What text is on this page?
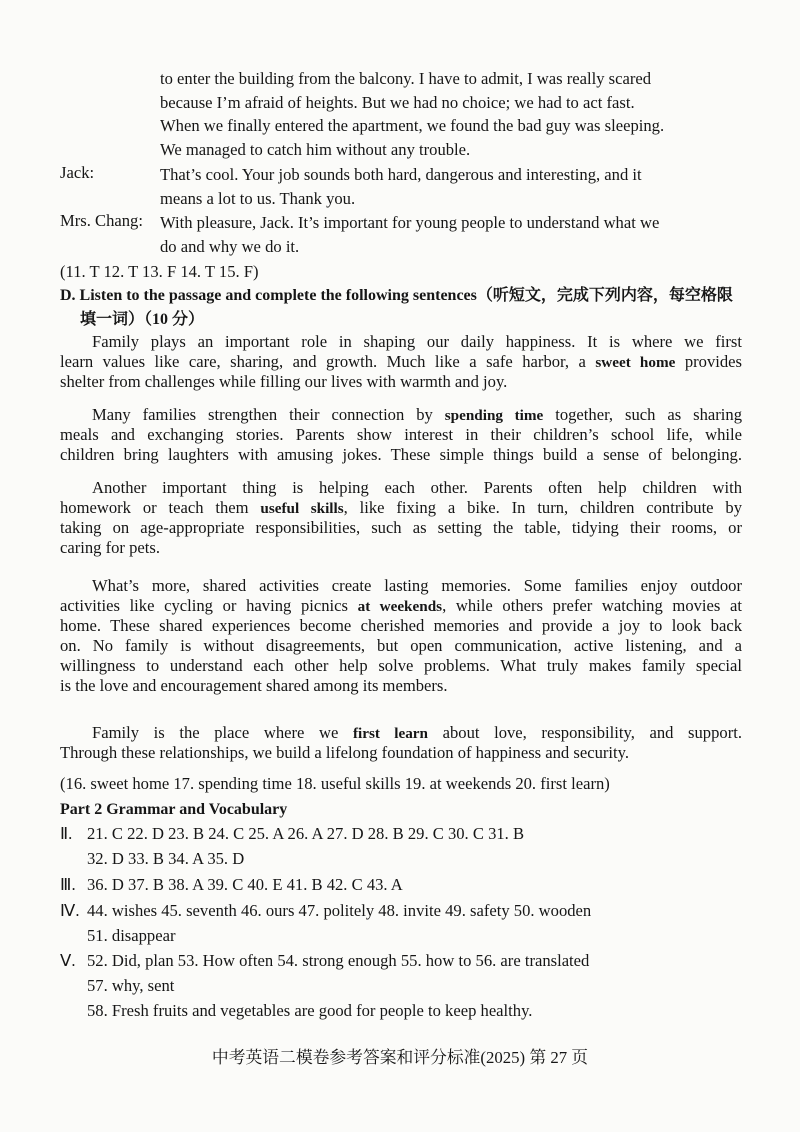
to enter the building from the balcony. I have to admit, I was really scared
because I’m afraid of heights. But we had no choice; we had to act fast.
When we finally entered the apartment, we found the bad guy was sleeping.
We managed to catch him without any trouble.
Jack:	That’s cool. Your job sounds both hard, dangerous and interesting, and it
means a lot to us. Thank you.
Mrs. Chang: With pleasure, Jack. It’s important for young people to understand what we
do and why we do it.
(11. T 12. T 13. F 14. T 15. F)
D. Listen to the passage and complete the following sentences（听短文，完成下列内容，每空格限
填一词）（10 分）
Family plays an important role in shaping our daily happiness. It is where we first
learn values like care, sharing, and growth. Much like a safe harbor, a sweet home provides
shelter from challenges while filling our lives with warmth and joy.
Many families strengthen their connection by spending time together, such as sharing
meals and exchanging stories. Parents show interest in their children’s school life, while
children bring laughters with amusing jokes. These simple things build a sense of belonging.
Another important thing is helping each other. Parents often help children with
homework or teach them useful skills, like fixing a bike. In turn, children contribute by
taking on age-appropriate responsibilities, such as setting the table, tidying their rooms, or
caring for pets.
What’s more, shared activities create lasting memories. Some families enjoy outdoor
activities like cycling or having picnics at weekends, while others prefer watching movies at
home. These shared experiences become cherished memories and provide a joy to look back
on. No family is without disagreements, but open communication, active listening, and a
willingness to understand each other help solve problems. What truly makes family special
is the love and encouragement shared among its members.
Family is the place where we first learn about love, responsibility, and support.
Through these relationships, we build a lifelong foundation of happiness and security.
(16. sweet home 17. spending time 18. useful skills 19. at weekends 20. first learn)
Part 2 Grammar and Vocabulary
Ⅱ. 21. C 22. D 23. B 24. C 25. A 26. A 27. D 28. B 29. C 30. C 31. B
32. D 33. B 34. A 35. D
Ⅲ. 36. D 37. B 38. A 39. C 40. E 41. B 42. C 43. A
Ⅳ. 44. wishes 45. seventh 46. ours 47. politely 48. invite 49. safety 50. wooden
51. disappear
Ⅴ. 52. Did, plan 53. How often 54. strong enough 55. how to 56. are translated
57. why, sent
58. Fresh fruits and vegetables are good for people to keep healthy.
中考英语二模卷参考答案和评分标准(2025) 第 27 页
